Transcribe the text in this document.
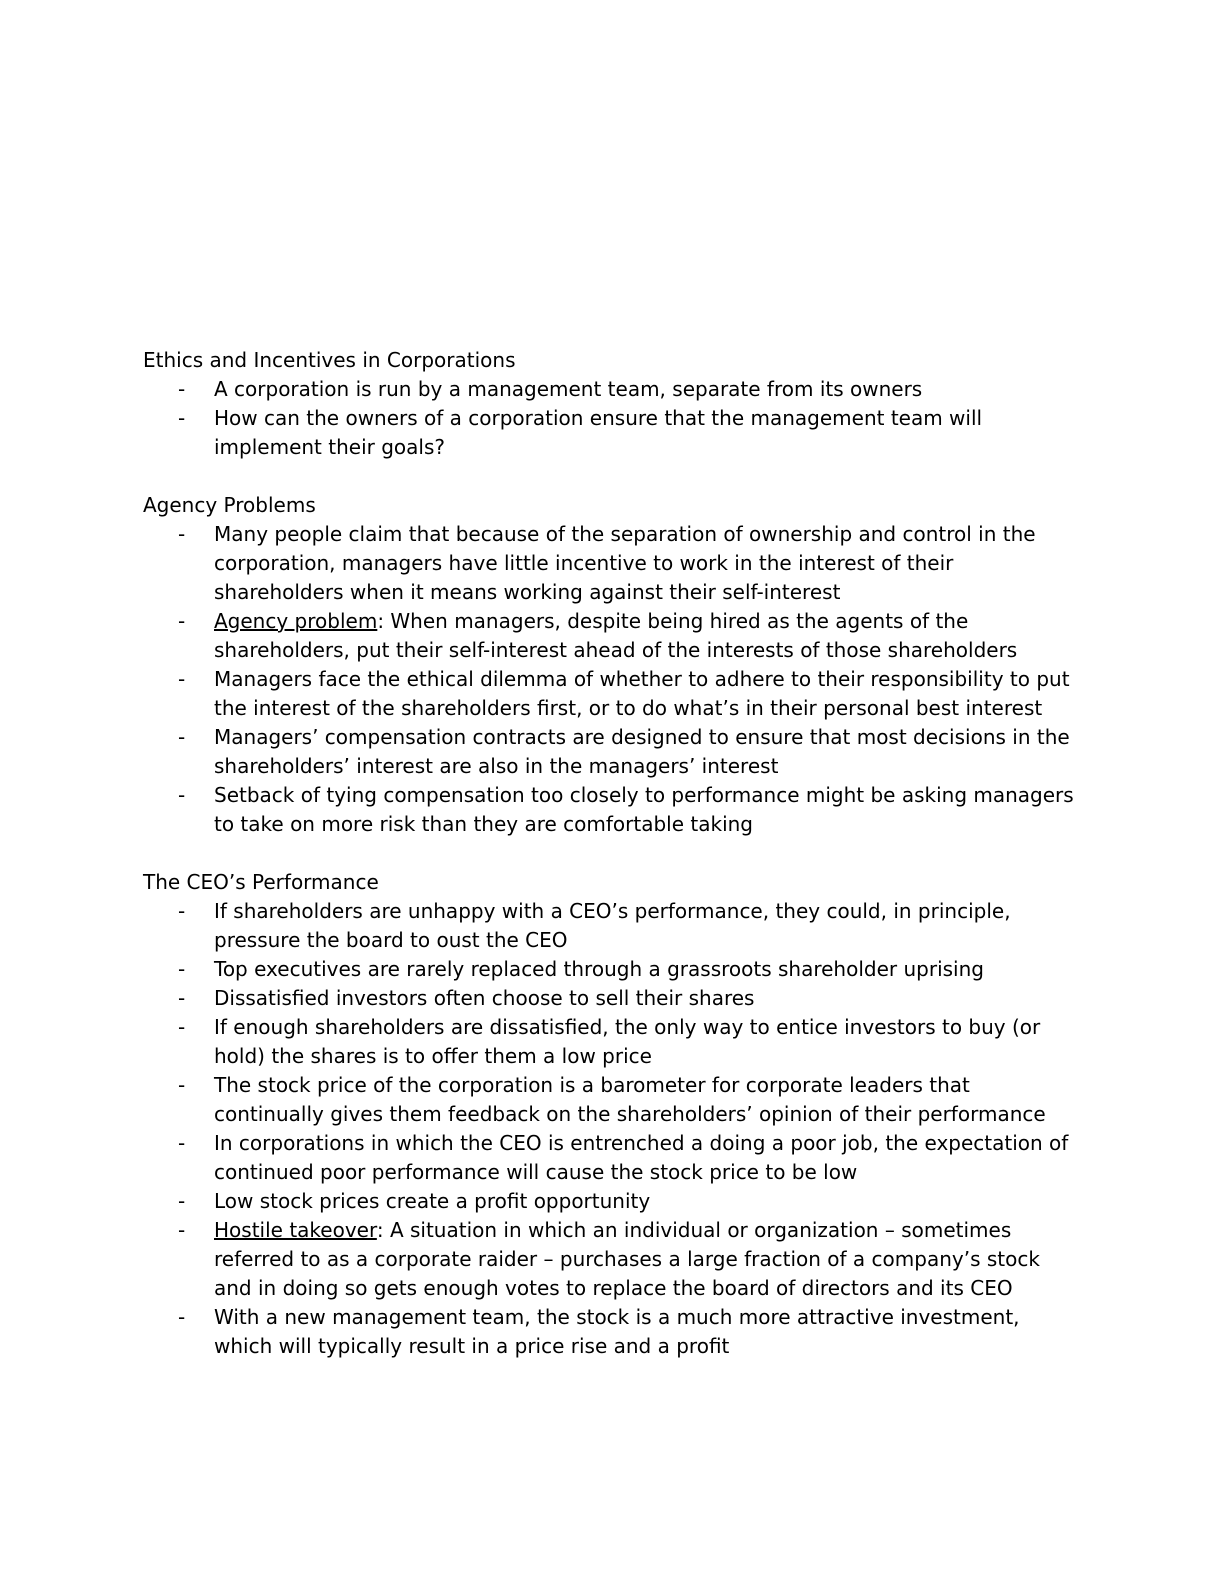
Ethics and Incentives in Corporations
- A corporation is run by a management team, separate from its owners
- How can the owners of a corporation ensure that the management team will implement their goals?
Agency Problems
- Many people claim that because of the separation of ownership and control in the corporation, managers have little incentive to work in the interest of their shareholders when it means working against their self-interest
- Agency problem: When managers, despite being hired as the agents of the shareholders, put their self-interest ahead of the interests of those shareholders
- Managers face the ethical dilemma of whether to adhere to their responsibility to put the interest of the shareholders first, or to do what’s in their personal best interest
- Managers’ compensation contracts are designed to ensure that most decisions in the shareholders’ interest are also in the managers’ interest
- Setback of tying compensation too closely to performance might be asking managers to take on more risk than they are comfortable taking
The CEO’s Performance
- If shareholders are unhappy with a CEO’s performance, they could, in principle, pressure the board to oust the CEO
- Top executives are rarely replaced through a grassroots shareholder uprising
- Dissatisfied investors often choose to sell their shares
- If enough shareholders are dissatisfied, the only way to entice investors to buy (or hold) the shares is to offer them a low price
- The stock price of the corporation is a barometer for corporate leaders that continually gives them feedback on the shareholders’ opinion of their performance
- In corporations in which the CEO is entrenched a doing a poor job, the expectation of continued poor performance will cause the stock price to be low
- Low stock prices create a profit opportunity
- Hostile takeover: A situation in which an individual or organization – sometimes referred to as a corporate raider – purchases a large fraction of a company’s stock and in doing so gets enough votes to replace the board of directors and its CEO
- With a new management team, the stock is a much more attractive investment, which will typically result in a price rise and a profit
